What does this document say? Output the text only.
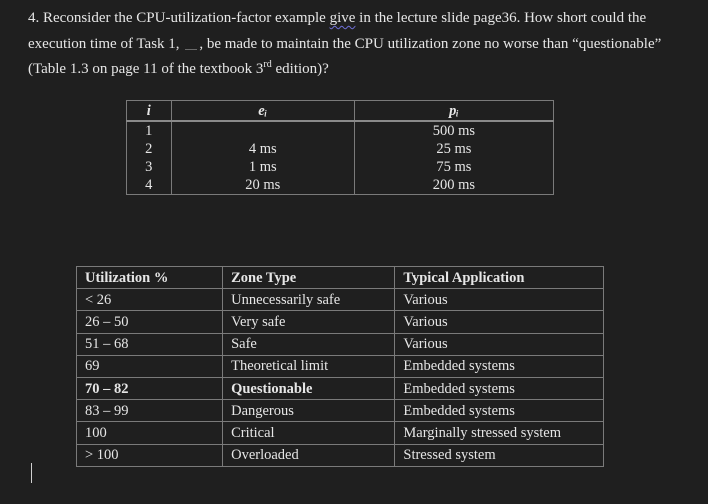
4. Reconsider the CPU-utilization-factor example give in the lecture slide page36. How short could the execution time of Task 1, , be made to maintain the CPU utilization zone no worse than “questionable” (Table 1.3 on page 11 of the textbook 3rd edition)?

i	eᵢ	pᵢ
1		500 ms
2	4 ms	25 ms
3	1 ms	75 ms
4	20 ms	200 ms
Utilization %	Zone Type	Typical Application
< 26	Unnecessarily safe	Various
26 – 50	Very safe	Various
51 – 68	Safe	Various
69	Theoretical limit	Embedded systems
70 – 82	Questionable	Embedded systems
83 – 99	Dangerous	Embedded systems
100	Critical	Marginally stressed system
> 100	Overloaded	Stressed system
